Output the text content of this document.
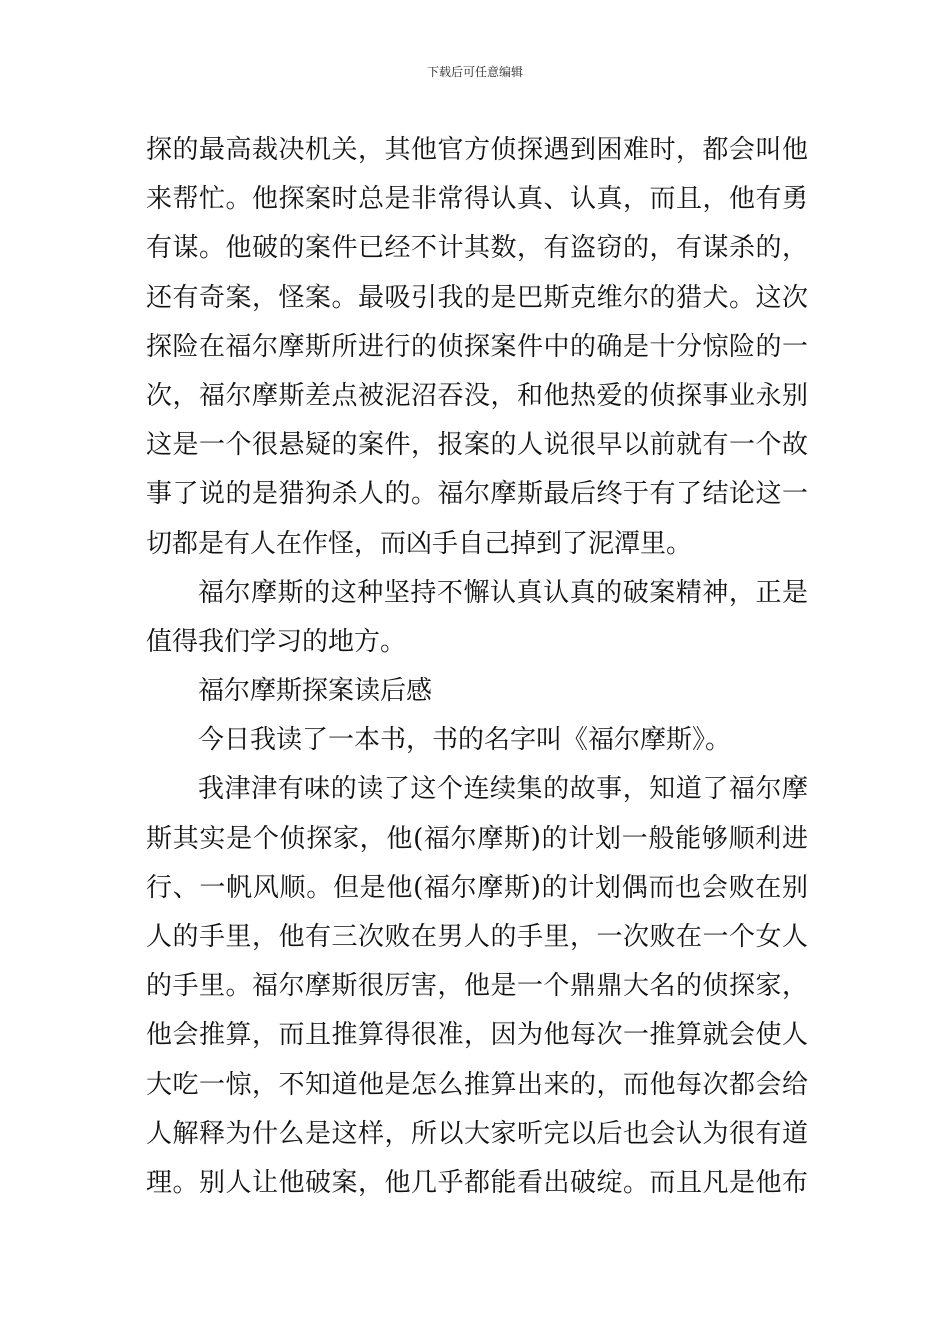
下载后可任意编辑
探的最高裁决机关，其他官方侦探遇到困难时，都会叫他
来帮忙。他探案时总是非常得认真、认真，而且，他有勇
有谋。他破的案件已经不计其数，有盗窃的，有谋杀的，
还有奇案，怪案。最吸引我的是巴斯克维尔的猎犬。这次
探险在福尔摩斯所进行的侦探案件中的确是十分惊险的一
次，福尔摩斯差点被泥沼吞没，和他热爱的侦探事业永别
这是一个很悬疑的案件，报案的人说很早以前就有一个故
事了说的是猎狗杀人的。福尔摩斯最后终于有了结论这一
切都是有人在作怪，而凶手自己掉到了泥潭里。
福尔摩斯的这种坚持不懈认真认真的破案精神，正是
值得我们学习的地方。
福尔摩斯探案读后感
今日我读了一本书，书的名字叫《福尔摩斯》。
我津津有味的读了这个连续集的故事，知道了福尔摩
斯其实是个侦探家，他(福尔摩斯)的计划一般能够顺利进
行、一帆风顺。但是他(福尔摩斯)的计划偶而也会败在别
人的手里，他有三次败在男人的手里，一次败在一个女人
的手里。福尔摩斯很厉害，他是一个鼎鼎大名的侦探家，
他会推算，而且推算得很准，因为他每次一推算就会使人
大吃一惊，不知道他是怎么推算出来的，而他每次都会给
人解释为什么是这样，所以大家听完以后也会认为很有道
理。别人让他破案，他几乎都能看出破绽。而且凡是他布
